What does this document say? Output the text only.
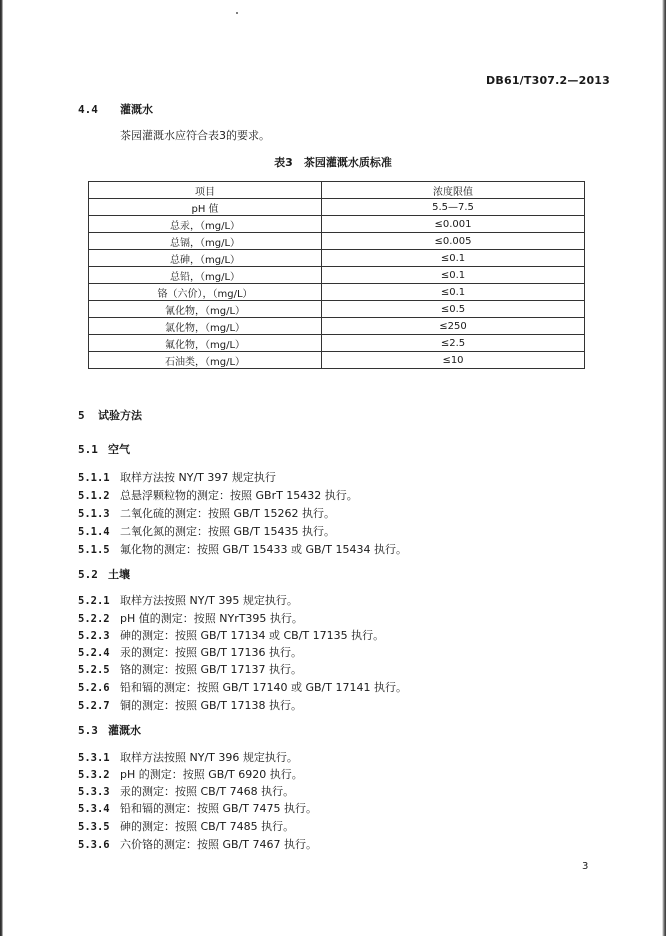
DB61/T307.2—2013
4.4 灌溉水
茶园灌溉水应符合表3的要求。
表3　茶园灌溉水质标准
项目	浓度限值
pH 值	5.5—7.5
总汞，（mg/L）	≤0.001
总镉，（mg/L）	≤0.005
总砷，（mg/L）	≤0.1
总铅，（mg/L）	≤0.1
铬（六价），（mg/L）	≤0.1
氰化物，（mg/L）	≤0.5
氯化物，（mg/L）	≤250
氟化物，（mg/L）	≤2.5
石油类，（mg/L）	≤10
5 试验方法
5.1 空气
5.1.1 取样方法按 NY/T 397 规定执行
5.1.2 总悬浮颗粒物的测定：按照 GBrT 15432 执行。
5.1.3 二氧化硫的测定：按照 GB/T 15262 执行。
5.1.4 二氧化氮的测定：按照 GB/T 15435 执行。
5.1.5 氟化物的测定：按照 GB/T 15433 或 GB/T 15434 执行。
5.2 土壤
5.2.1 取样方法按照 NY/T 395 规定执行。
5.2.2 pH 值的测定：按照 NYrT395 执行。
5.2.3 砷的测定：按照 GB/T 17134 或 CB/T 17135 执行。
5.2.4 汞的测定：按照 GB/T 17136 执行。
5.2.5 铬的测定：按照 GB/T 17137 执行。
5.2.6 铅和镉的测定：按照 GB/T 17140 或 GB/T 17141 执行。
5.2.7 铜的测定：按照 GB/T 17138 执行。
5.3 灌溉水
5.3.1 取样方法按照 NY/T 396 规定执行。
5.3.2 pH 的测定：按照 GB/T 6920 执行。
5.3.3 汞的测定：按照 CB/T 7468 执行。
5.3.4 铅和镉的测定：按照 GB/T 7475 执行。
5.3.5 砷的测定：按照 CB/T 7485 执行。
5.3.6 六价铬的测定：按照 GB/T 7467 执行。
3
